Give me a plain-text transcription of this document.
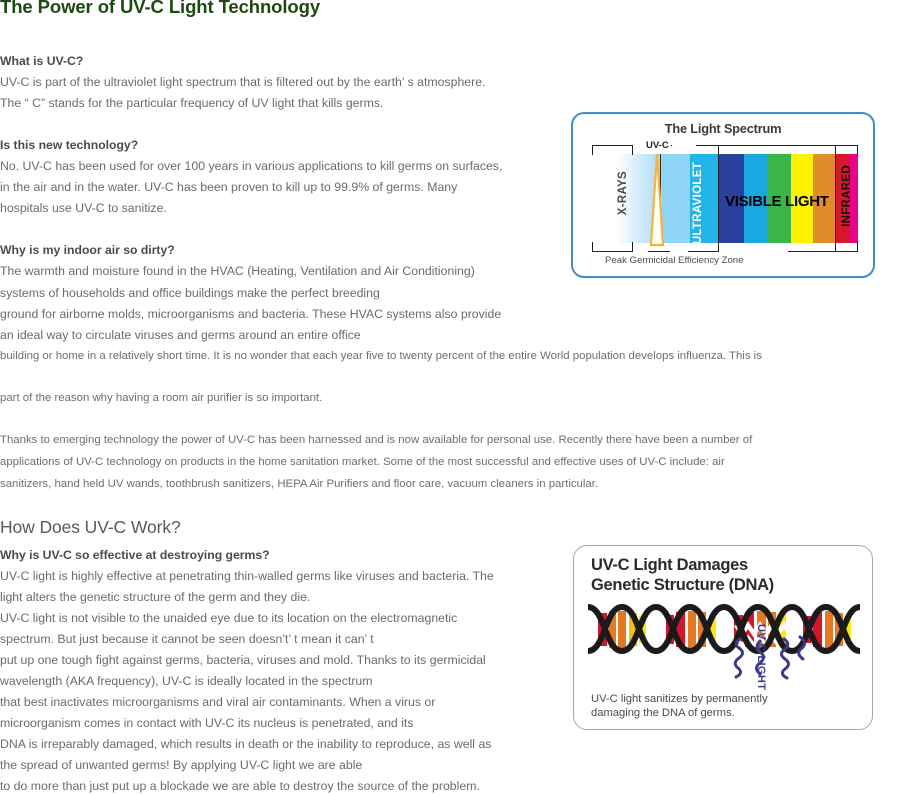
The Power of UV-C Light Technology
What is UV-C?
UV-C is part of the ultraviolet light spectrum that is filtered out by the earth’ s atmosphere.
The “ C” stands for the particular frequency of UV light that kills germs.
Is this new technology?
No. UV-C has been used for over 100 years in various applications to kill germs on surfaces,
in the air and in the water. UV-C has been proven to kill up to 99.9% of germs. Many
hospitals use UV-C to sanitize.
Why is my indoor air so dirty?
The warmth and moisture found in the HVAC (Heating, Ventilation and Air Conditioning)
systems of households and office buildings make the perfect breeding
ground for airborne molds, microorganisms and bacteria. These HVAC systems also provide
an ideal way to circulate viruses and germs around an entire office
building or home in a relatively short time. It is no wonder that each year five to twenty percent of the entire World population develops influenza. This is
part of the reason why having a room air purifier is so important.
Thanks to emerging technology the power of UV-C has been harnessed and is now available for personal use. Recently there have been a number of
applications of UV-C technology on products in the home sanitation market. Some of the most successful and effective uses of UV-C include: air
sanitizers, hand held UV wands, toothbrush sanitizers, HEPA Air Purifiers and floor care, vacuum cleaners in particular.
How Does UV-C Work?
Why is UV-C so effective at destroying germs?
UV-C light is highly effective at penetrating thin-walled germs like viruses and bacteria. The
light alters the genetic structure of the germ and they die.
UV-C light is not visible to the unaided eye due to its location on the electromagnetic
spectrum. But just because it cannot be seen doesn’t’ t mean it can’ t
put up one tough fight against germs, bacteria, viruses and mold. Thanks to its germicidal
wavelength (AKA frequency), UV-C is ideally located in the spectrum
that best inactivates microorganisms and viral air contaminants. When a virus or
microorganism comes in contact with UV-C its nucleus is penetrated, and its
DNA is irreparably damaged, which results in death or the inability to reproduce, as well as
the spread of unwanted germs! By applying UV-C light we are able
to do more than just put up a blockade we are able to destroy the source of the problem.
The Light Spectrum
UV-C
X-RAYS	ULTRAVIOLET VISIBLE LIGHT INFRARED
Peak Germicidal Efficiency Zone
UV-C Light Damages
Genetic Structure (DNA)
UV-C LIGHT
UV-C light sanitizes by permanently
damaging the DNA of germs.
